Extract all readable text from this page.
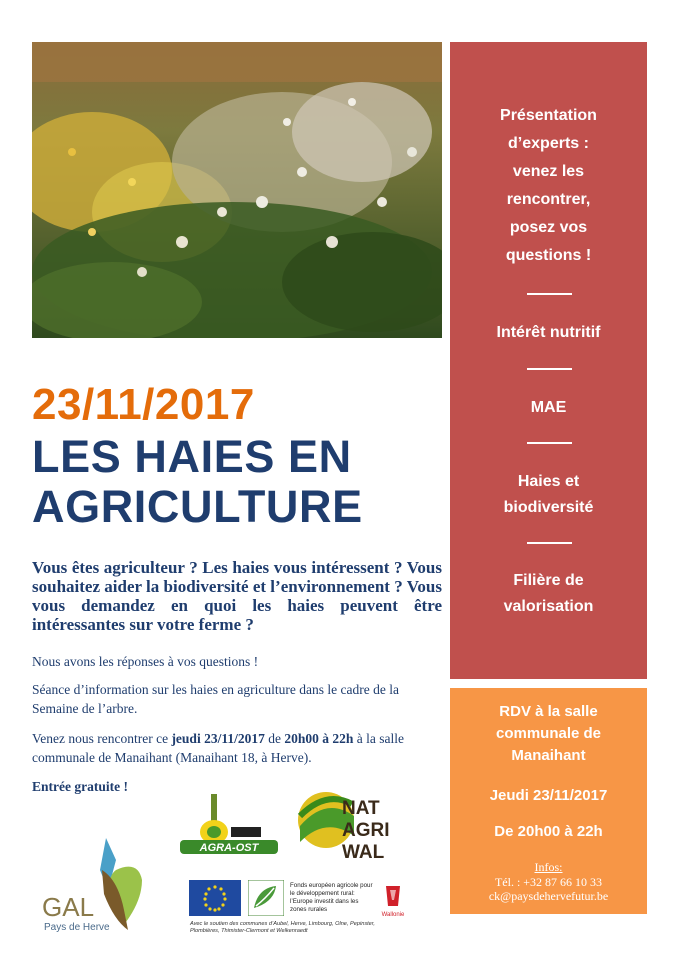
Présentation
d’experts :
venez les
rencontrer,
posez vos
questions !
Intérêt nutritif
MAE
Haies et
biodiversité
Filière de
valorisation
RDV à la salle
communale de
Manaihant
Jeudi 23/11/2017
De 20h00 à 22h
Infos:
Tél. : +32 87 66 10 33
ck@paysdehervefutur.be
23/11/2017
LES HAIES EN
AGRICULTURE
Vous êtes agriculteur ? Les haies vous intéressent ? Vous souhaitez aider la biodiversité et l’environnement ? Vous vous demandez en quoi les haies peuvent être intéressantes sur votre ferme ?
Nous avons les réponses à vos questions !
Séance d’information sur les haies en agriculture dans le cadre de la Semaine de l’arbre.
Venez nous rencontrer ce jeudi 23/11/2017 de 20h00 à 22h à la salle communale de Manaihant (Manaihant 18, à Herve).
Entrée gratuite !
GAL
Pays de Herve
AGRA-OST
NAT
AGRI
WAL
Fonds européen agricole pour
le développement rural:
l’Europe investit dans les
zones rurales
Wallonie
Avec le soutien des communes d’Aubel, Herve, Limbourg, Olne, Pepinster,
Plombières, Thimister-Clermont et Welkenraedt
